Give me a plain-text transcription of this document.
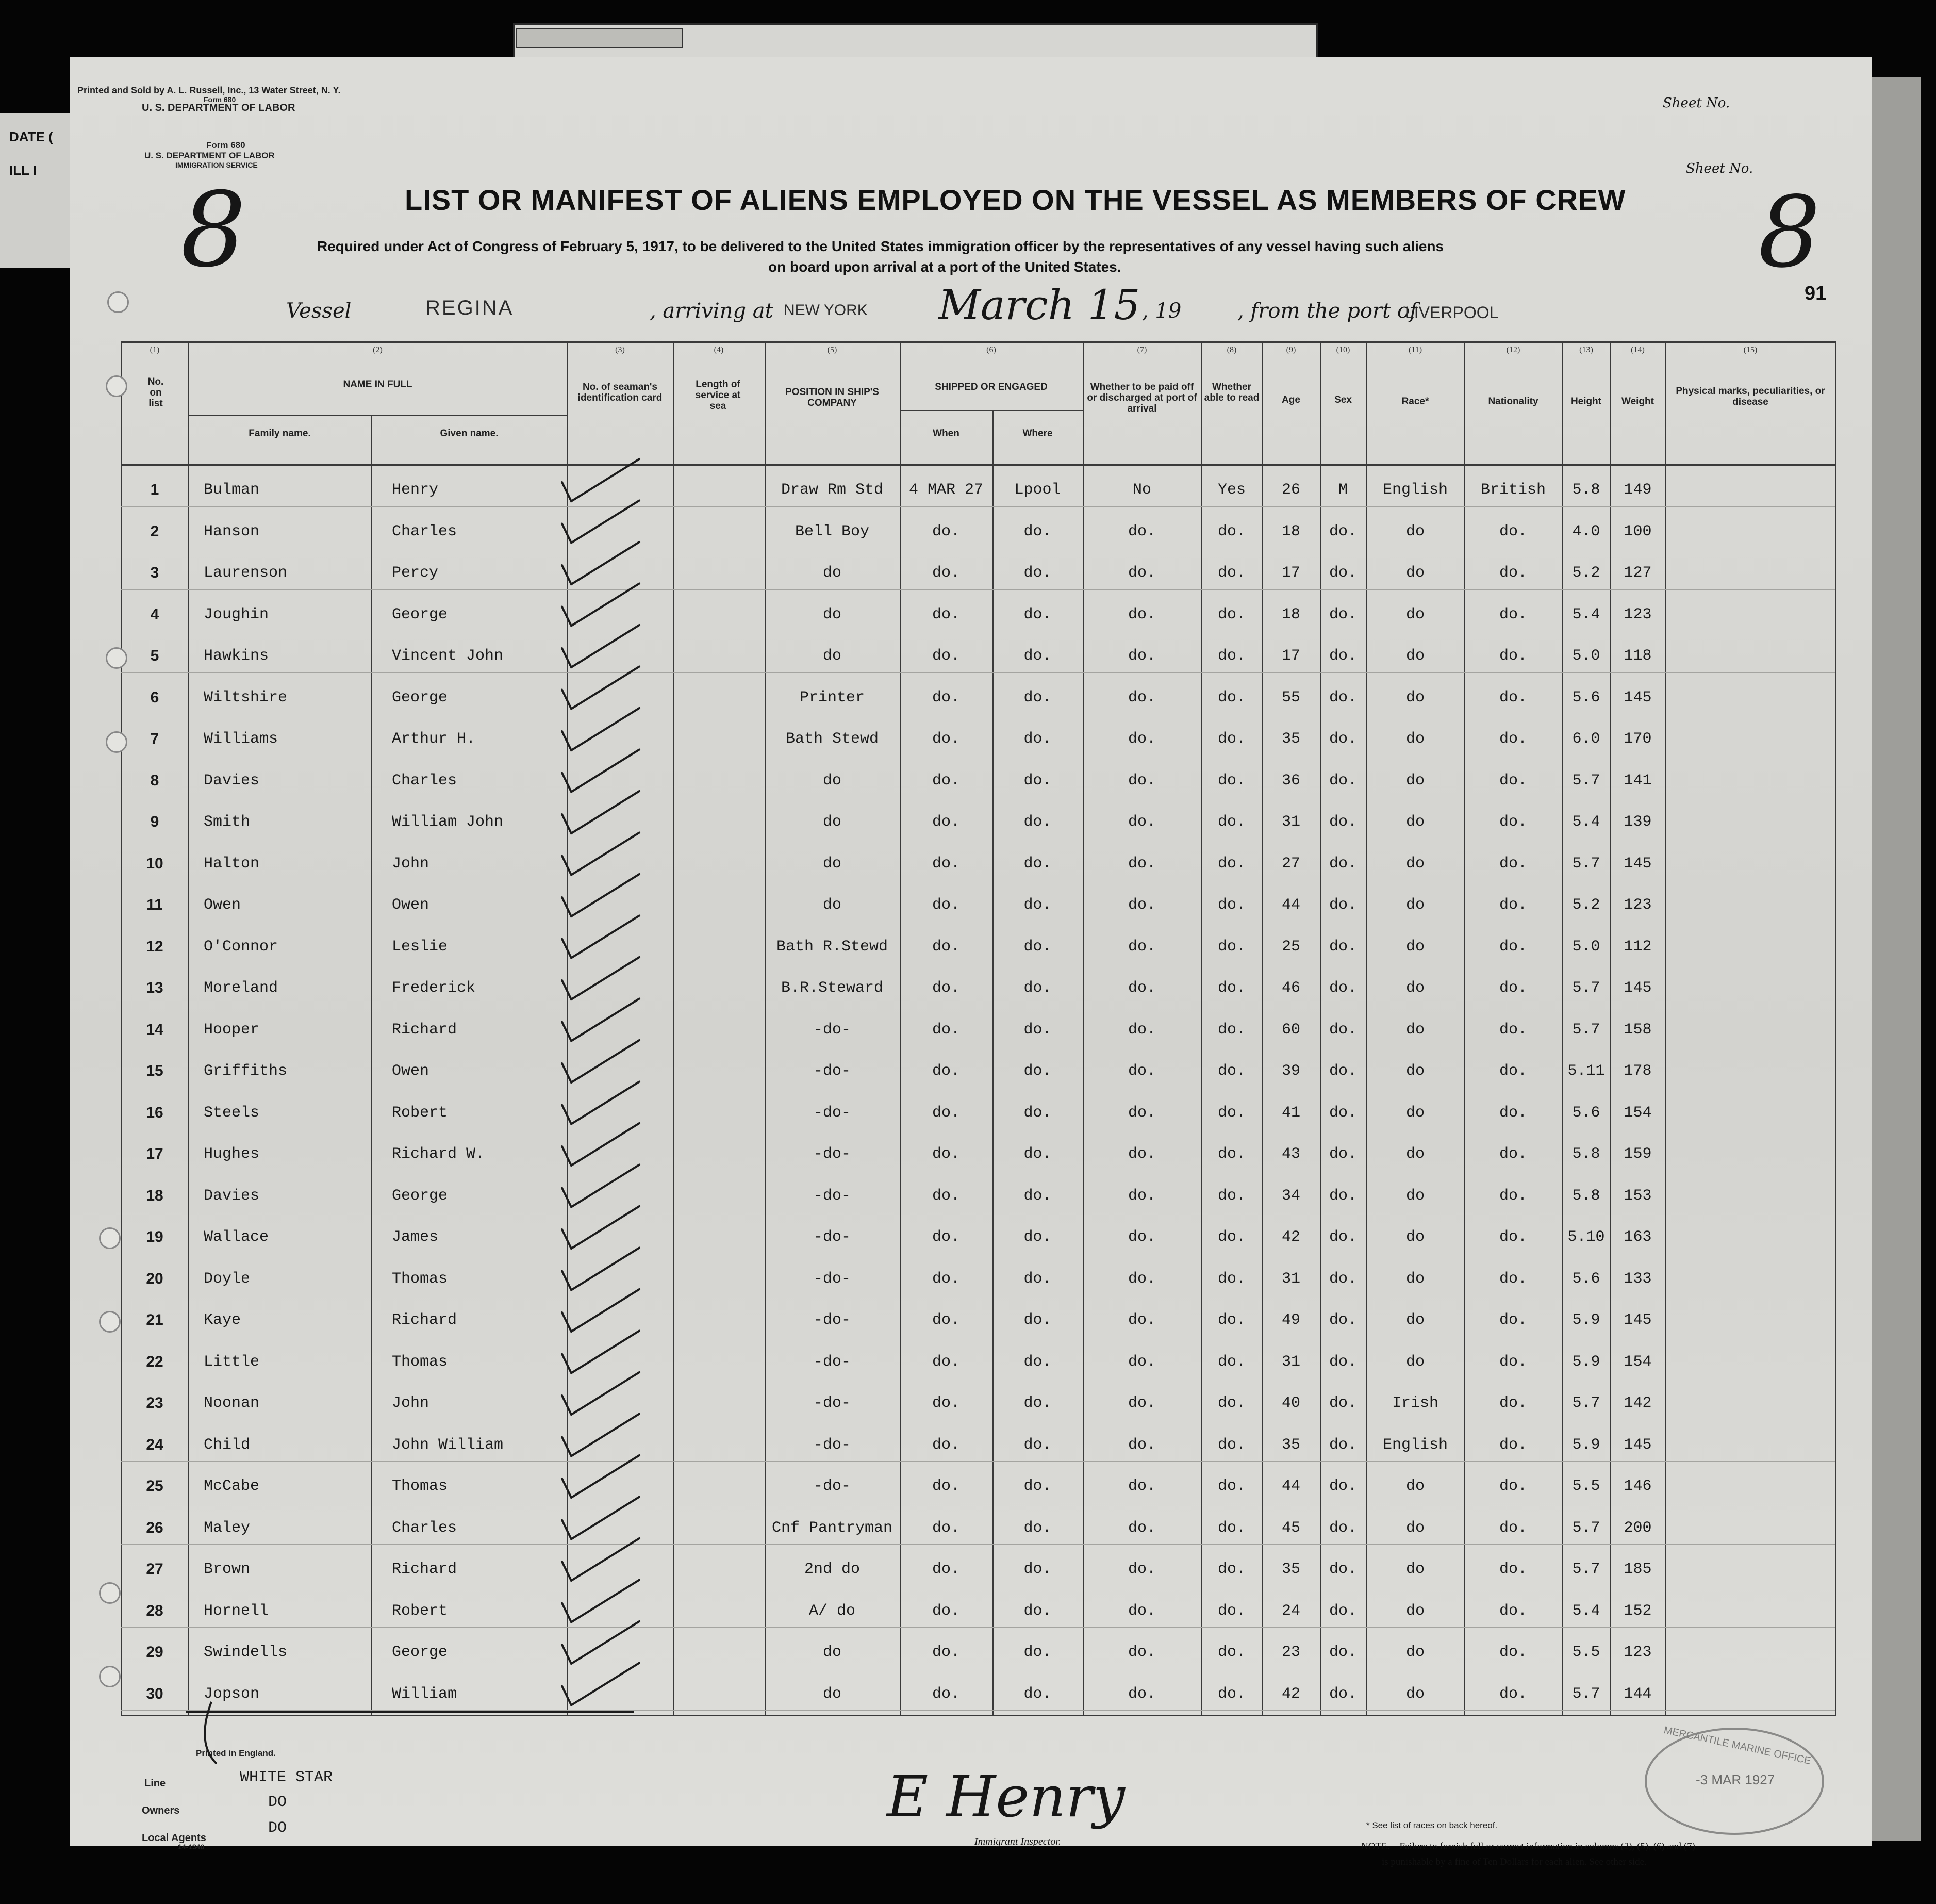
DATE (
ILL I
Printed and Sold by A. L. Russell, Inc., 13 Water Street, N. Y.
Form 680
U. S. DEPARTMENT OF LABOR	Sheet No.
Sheet No.
Form 680
U. S. DEPARTMENT OF LABOR
IMMIGRATION SERVICE
8	8
91
LIST OR MANIFEST OF ALIENS EMPLOYED ON THE VESSEL AS MEMBERS OF CREW
Required under Act of Congress of February 5, 1917, to be delivered to the United States immigration officer by the representatives of any vessel having such aliens
on board upon arrival at a port of the United States.
Vessel	REGINA	, arriving at NEW YORK March 15 , 19	, from the port of
LIVERPOOL
(1)	(2)	(3)	(4)	(5)	(6)	(7)	(8)	(9)	(10)	(11)	(12)	(13)	(14)	(15)
No. on list
NAME IN FULL
Family name.	Given name.
No. of seaman's identification card
Length of service at sea
POSITION IN SHIP'S COMPANY
SHIPPED OR ENGAGED
When	Where
Whether to be paid off or discharged at port of arrival
Whether able to read	Age	Sex	Race*	Nationality	Height	Weight
Physical marks, peculiarities, or disease
1	Bulman	Henry	Draw Rm Std	4 MAR 27	Lpool	No	Yes	26	M	English	British	5.8	149
2	Hanson	Charles	Bell Boy	do.	do.	do.	do.	18	do.	do	do.	4.0	100
3	Laurenson	Percy	do	do.	do.	do.	do.	17	do.	do	do.	5.2	127
4	Joughin	George	do	do.	do.	do.	do.	18	do.	do	do.	5.4	123
5	Hawkins	Vincent John	do	do.	do.	do.	do.	17	do.	do	do.	5.0	118
6	Wiltshire	George	Printer	do.	do.	do.	do.	55	do.	do	do.	5.6	145
7	Williams	Arthur H.	Bath Stewd	do.	do.	do.	do.	35	do.	do	do.	6.0	170
8	Davies	Charles	do	do.	do.	do.	do.	36	do.	do	do.	5.7	141
9	Smith	William John	do	do.	do.	do.	do.	31	do.	do	do.	5.4	139
10	Halton	John	do	do.	do.	do.	do.	27	do.	do	do.	5.7	145
11	Owen	Owen	do	do.	do.	do.	do.	44	do.	do	do.	5.2	123
12	O'Connor	Leslie	Bath R.Stewd	do.	do.	do.	do.	25	do.	do	do.	5.0	112
13	Moreland	Frederick	B.R.Steward	do.	do.	do.	do.	46	do.	do	do.	5.7	145
14	Hooper	Richard	-do-	do.	do.	do.	do.	60	do.	do	do.	5.7	158
15	Griffiths	Owen	-do-	do.	do.	do.	do.	39	do.	do	do.	5.11	178
16	Steels	Robert	-do-	do.	do.	do.	do.	41	do.	do	do.	5.6	154
17	Hughes	Richard W.	-do-	do.	do.	do.	do.	43	do.	do	do.	5.8	159
18	Davies	George	-do-	do.	do.	do.	do.	34	do.	do	do.	5.8	153
19	Wallace	James	-do-	do.	do.	do.	do.	42	do.	do	do.	5.10	163
20	Doyle	Thomas	-do-	do.	do.	do.	do.	31	do.	do	do.	5.6	133
21	Kaye	Richard	-do-	do.	do.	do.	do.	49	do.	do	do.	5.9	145
22	Little	Thomas	-do-	do.	do.	do.	do.	31	do.	do	do.	5.9	154
23	Noonan	John	-do-	do.	do.	do.	do.	40	do.	Irish	do.	5.7	142
24	Child	John William	-do-	do.	do.	do.	do.	35	do.	English	do.	5.9	145
25	McCabe	Thomas	-do-	do.	do.	do.	do.	44	do.	do	do.	5.5	146
26	Maley	Charles	Cnf Pantryman	do.	do.	do.	do.	45	do.	do	do.	5.7	200
27	Brown	Richard	2nd do	do.	do.	do.	do.	35	do.	do	do.	5.7	185
28	Hornell	Robert	A/ do	do.	do.	do.	do.	24	do.	do	do.	5.4	152
29	Swindells	George	do	do.	do.	do.	do.	23	do.	do	do.	5.5	123
30	Jopson	William	do	do.	do.	do.	do.	42	do.	do	do.	5.7	144
Printed in England.
Line	WHITE STAR
Owners	DO
Local Agents
DO
14-1340
E Henry
Immigrant Inspector.
* See list of races on back hereof.
NOTE.—Failure to furnish full or correct information in columns (2), (5), (6) and (7)
is punishable by a fine of Ten Dollars for each alien. See other side.
MERCANTILE MARINE OFFICE
-3 MAR 1927
